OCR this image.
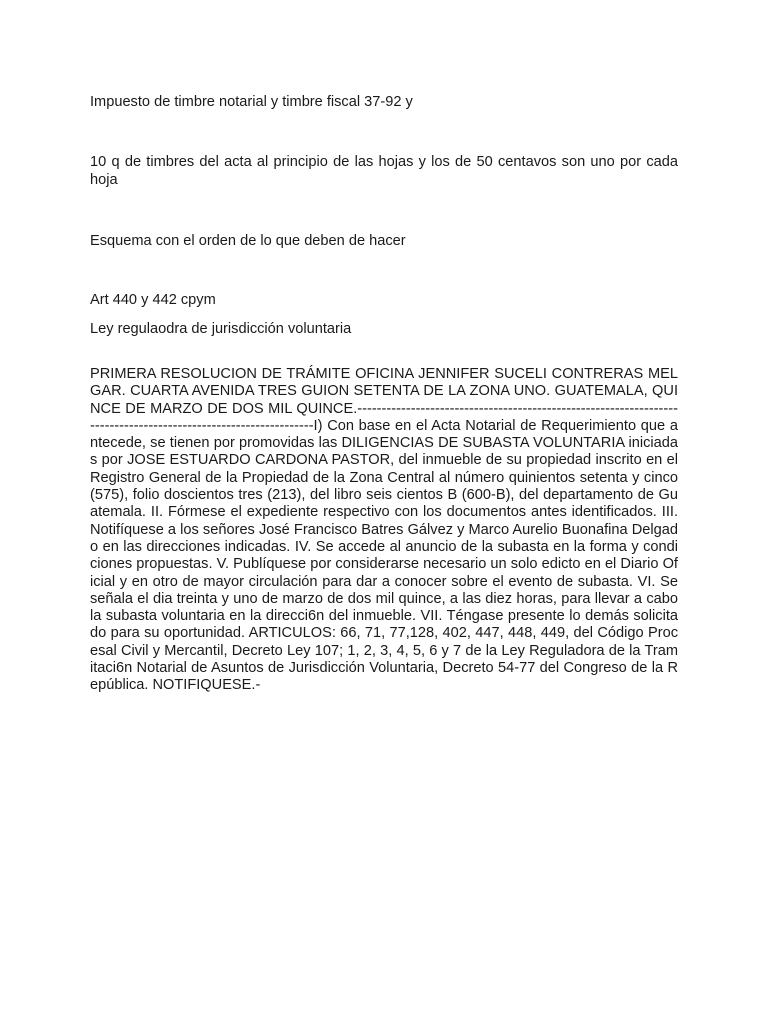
Impuesto de timbre notarial y timbre fiscal 37-92 y

10 q de timbres del acta al principio de las hojas y los de 50 centavos son uno por cada hoja

Esquema con el orden de lo que deben de hacer

Art 440 y 442 cpym

Ley regulaodra de jurisdicción voluntaria

PRIMERA RESOLUCION DE TRÁMITE OFICINA JENNIFER SUCELI CONTRERAS MELGAR. CUARTA AVENIDA TRES GUION SETENTA DE LA ZONA UNO. GUATEMALA, QUINCE DE MARZO DE DOS MIL QUINCE.----------------------------------------------------------------------------------------------------------------I) Con base en el Acta Notarial de Requerimiento que antecede, se tienen por promovidas las DILIGENCIAS DE SUBASTA VOLUNTARIA iniciadas por JOSE ESTUARDO CARDONA PASTOR, del inmueble de su propiedad inscrito en el Registro General de la Propiedad de la Zona Central al número quinientos setenta y cinco (575), folio doscientos tres (213), del libro seis cientos B (600-B), del departamento de Guatemala. II. Fórmese el expediente respectivo con los documentos antes identificados. III. Notifíquese a los señores José Francisco Batres Gálvez y Marco Aurelio Buonafina Delgado en las direcciones indicadas. IV. Se accede al anuncio de la subasta en la forma y condiciones propuestas. V. Publíquese por considerarse necesario un solo edicto en el Diario Oficial y en otro de mayor circulación para dar a conocer sobre el evento de subasta. VI. Se señala el dia treinta y uno de marzo de dos mil quince, a las diez horas, para llevar a cabo la subasta voluntaria en la direcci6n del inmueble. VII. Téngase presente lo demás solicitado para su oportunidad. ARTICULOS: 66, 71, 77,128, 402, 447, 448, 449, del Código Procesal Civil y Mercantil, Decreto Ley 107; 1, 2, 3, 4, 5, 6 y 7 de la Ley Reguladora de la Tramitaci6n Notarial de Asuntos de Jurisdicción Voluntaria, Decreto 54-77 del Congreso de la República. NOTIFIQUESE.-
